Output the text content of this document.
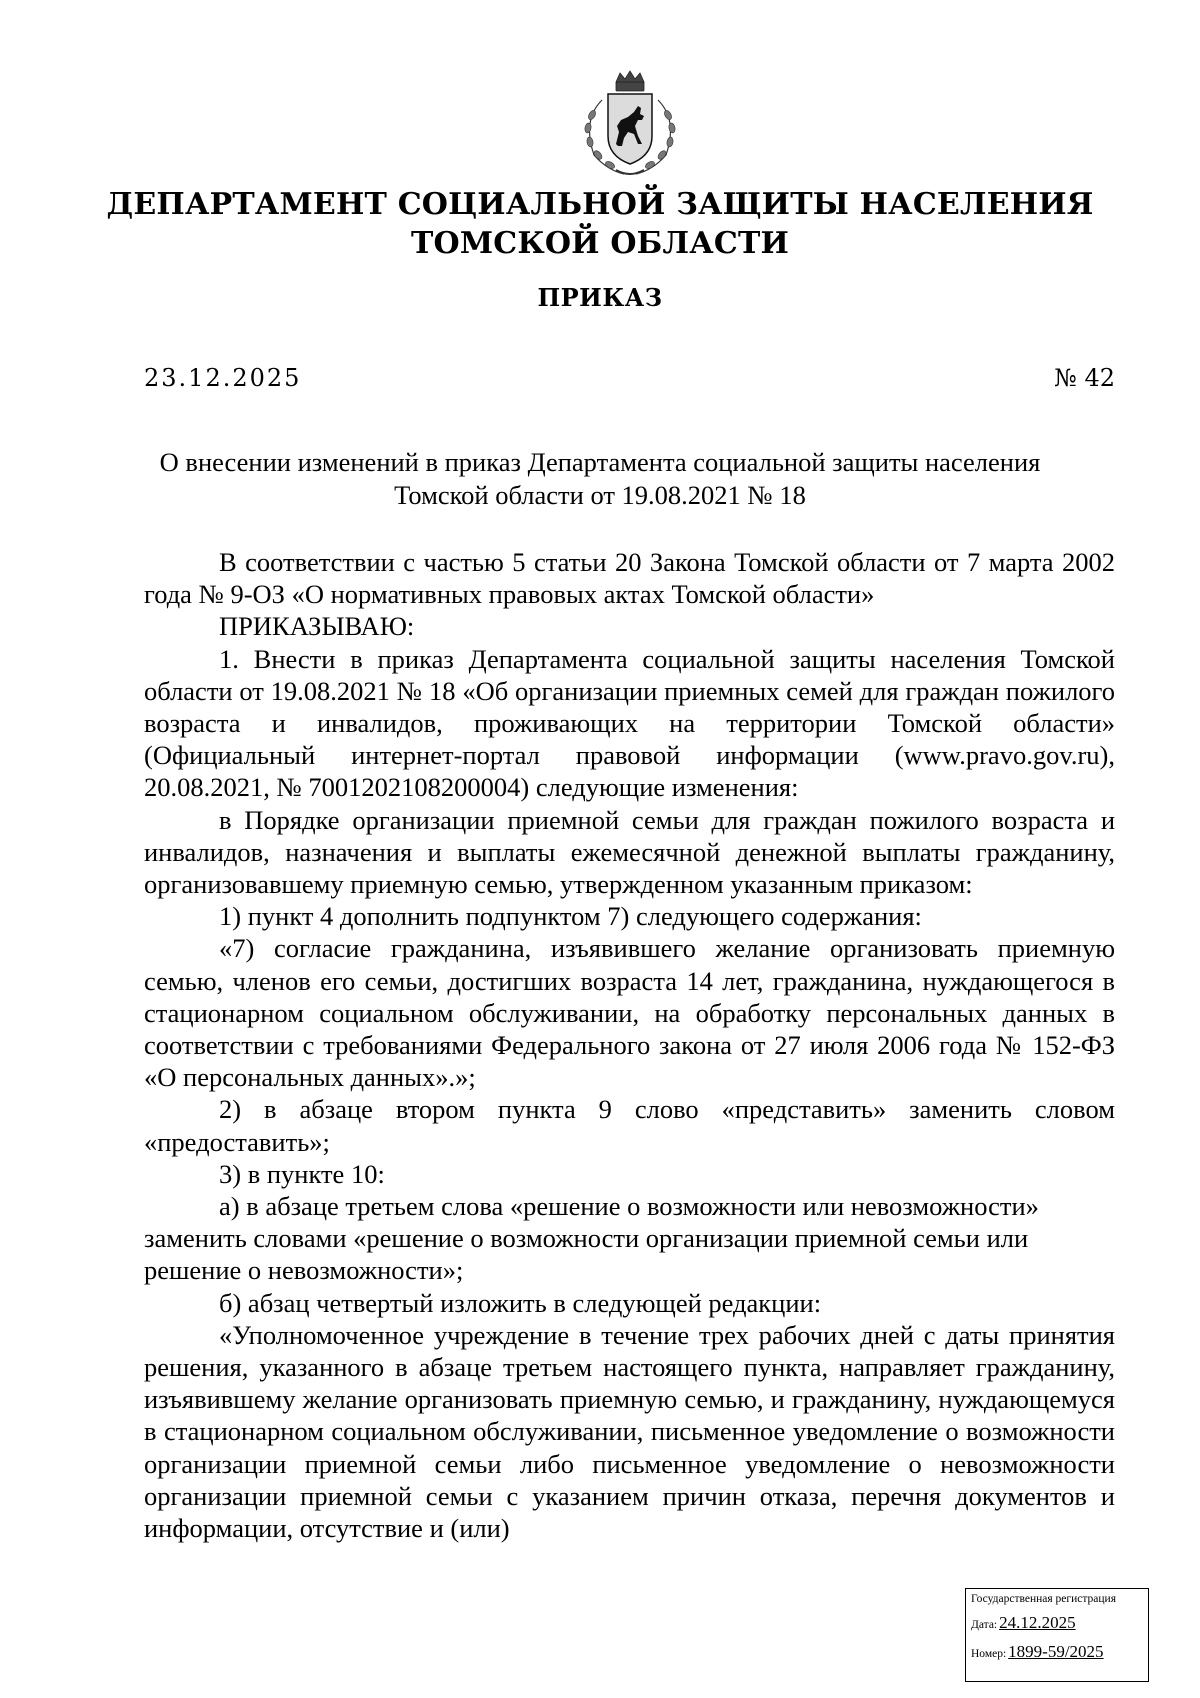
ДЕПАРТАМЕНТ СОЦИАЛЬНОЙ ЗАЩИТЫ НАСЕЛЕНИЯ
ТОМСКОЙ ОБЛАСТИ
ПРИКАЗ
23.12.2025	№ 42
О внесении изменений в приказ Департамента социальной защиты населения
Томской области от 19.08.2021 № 18

В соответствии с частью 5 статьи 20 Закона Томской области от 7 марта 2002 года № 9-ОЗ «О нормативных правовых актах Томской области»

ПРИКАЗЫВАЮ:

1. Внести в приказ Департамента социальной защиты населения Томской области от 19.08.2021 № 18 «Об организации приемных семей для граждан пожилого возраста и инвалидов, проживающих на территории Томской области» (Официальный интернет-портал правовой информации (www.pravo.gov.ru), 20.08.2021, № 7001202108200004) следующие изменения:

в Порядке организации приемной семьи для граждан пожилого возраста и инвалидов, назначения и выплаты ежемесячной денежной выплаты гражданину, организовавшему приемную семью, утвержденном указанным приказом:

1) пункт 4 дополнить подпунктом 7) следующего содержания:

«7) согласие гражданина, изъявившего желание организовать приемную семью, членов его семьи, достигших возраста 14 лет, гражданина, нуждающегося в стационарном социальном обслуживании, на обработку персональных данных в соответствии с требованиями Федерального закона от 27 июля 2006 года № 152-ФЗ «О персональных данных».»;

2) в абзаце втором пункта 9 слово «представить» заменить словом «предоставить»;

3) в пункте 10:

а) в абзаце третьем слова «решение о возможности или невозможности» заменить словами «решение о возможности организации приемной семьи или решение о невозможности»;

б) абзац четвертый изложить в следующей редакции:

«Уполномоченное учреждение в течение трех рабочих дней с даты принятия решения, указанного в абзаце третьем настоящего пункта, направляет гражданину, изъявившему желание организовать приемную семью, и гражданину, нуждающемуся в стационарном социальном обслуживании, письменное уведомление о возможности организации приемной семьи либо письменное уведомление о невозможности организации приемной семьи с указанием причин отказа, перечня документов и информации, отсутствие и (или)

Государственная регистрация
Дата: 24.12.2025
Номер: 1899-59/2025
